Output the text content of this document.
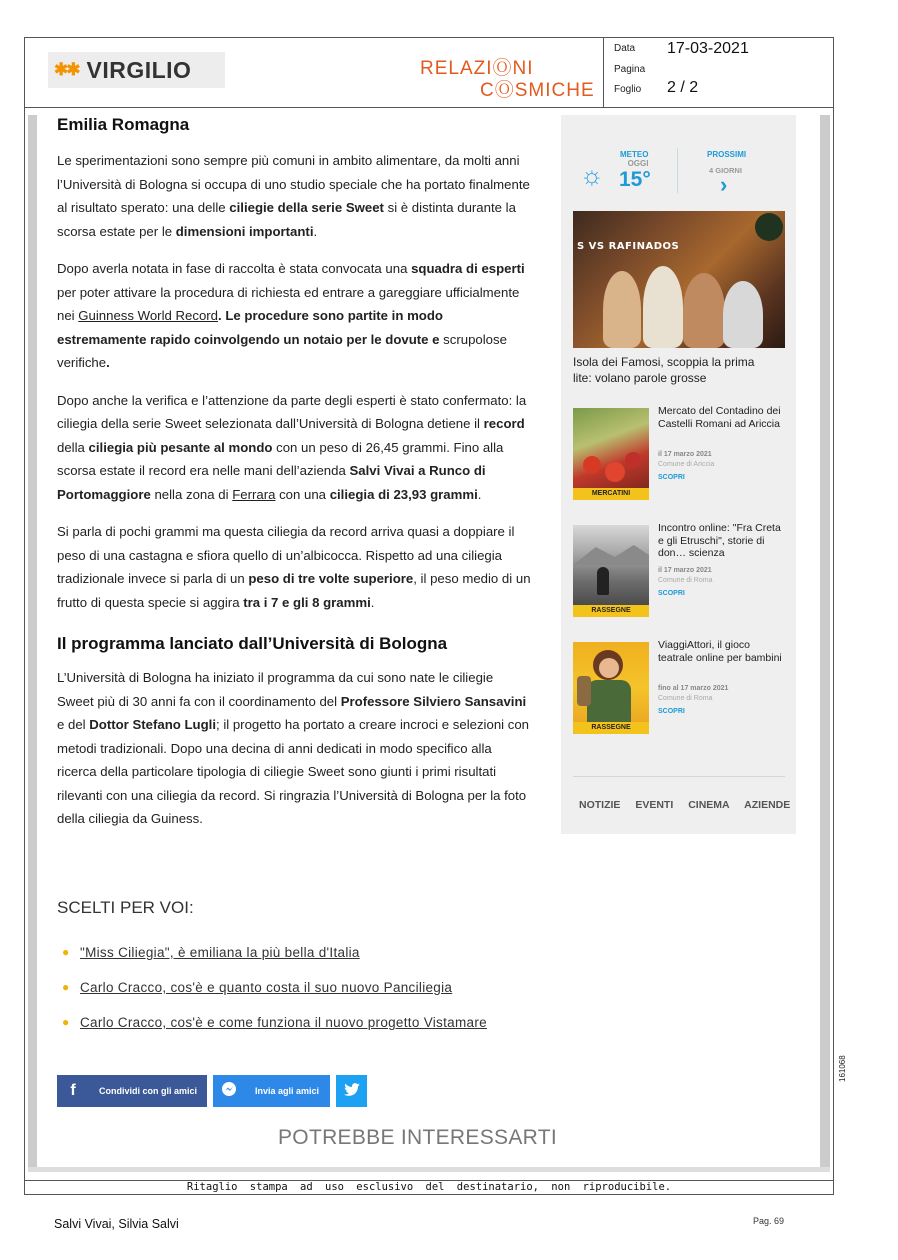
✱✱ VIRGILIO	RELAZIⓄNI
CⓄSMICHE
Data 17-03-2021
Pagina
Foglio 2 / 2
Emilia Romagna

Le sperimentazioni sono sempre più comuni in ambito alimentare, da molti anni l’Università di Bologna si occupa di uno studio speciale che ha portato finalmente al risultato sperato: una delle ciliegie della serie Sweet si è distinta durante la scorsa estate per le dimensioni importanti.

Dopo averla notata in fase di raccolta è stata convocata una squadra di esperti per poter attivare la procedura di richiesta ed entrare a gareggiare ufficialmente nei Guinness World Record. Le procedure sono partite in modo estremamente rapido coinvolgendo un notaio per le dovute e scrupolose verifiche.

Dopo anche la verifica e l’attenzione da parte degli esperti è stato confermato: la ciliegia della serie Sweet selezionata dall’Università di Bologna detiene il record della ciliegia più pesante al mondo con un peso di 26,45 grammi. Fino alla scorsa estate il record era nelle mani dell’azienda Salvi Vivai a Runco di Portomaggiore nella zona di Ferrara con una ciliegia di 23,93 grammi.

Si parla di pochi grammi ma questa ciliegia da record arriva quasi a doppiare il peso di una castagna e sfiora quello di un’albicocca. Rispetto ad una ciliegia tradizionale invece si parla di un peso di tre volte superiore, il peso medio di un frutto di questa specie si aggira tra i 7 e gli 8 grammi.

Il programma lanciato dall’Università di Bologna

L’Università di Bologna ha iniziato il programma da cui sono nate le ciliegie Sweet più di 30 anni fa con il coordinamento del Professore Silviero Sansavini e del Dottor Stefano Lugli; il progetto ha portato a creare incroci e selezioni con metodi tradizionali. Dopo una decina di anni dedicati in modo specifico alla ricerca della particolare tipologia di ciliegie Sweet sono giunti i primi risultati rilevanti con una ciliegia da record. Si ringrazia l’Università di Bologna per la foto della ciliegia da Guiness.

SCELTI PER VOI:
● "Miss Ciliegia", è emiliana la più bella d'Italia
● Carlo Cracco, cos'è e quanto costa il suo nuovo Panciliegia
● Carlo Cracco, cos'è e come funziona il nuovo progetto Vistamare
f	Condividi con gli amici	Invia agli amici
POTREBBE INTERESSARTI
METEO
OGGI
☼ 15°
PROSSIMI
4 GIORNI
›
S VS RAFINADOS
Isola dei Famosi, scoppia la prima lite: volano parole grosse
MERCATINI
Mercato del Contadino dei Castelli Romani ad Ariccia
il 17 marzo 2021
Comune di Ariccia
SCOPRI
RASSEGNE
Incontro online: "Fra Creta e gli Etruschi", storie di don… scienza
il 17 marzo 2021
Comune di Roma
SCOPRI
RASSEGNE
ViaggiAttori, il gioco teatrale online per bambini
fino al 17 marzo 2021
Comune di Roma
SCOPRI
NOTIZIE EVENTI CINEMA AZIENDE
Ritaglio stampa ad uso esclusivo del destinatario, non riproducibile.
161068
Salvi Vivai, Silvia Salvi	Pag. 69
